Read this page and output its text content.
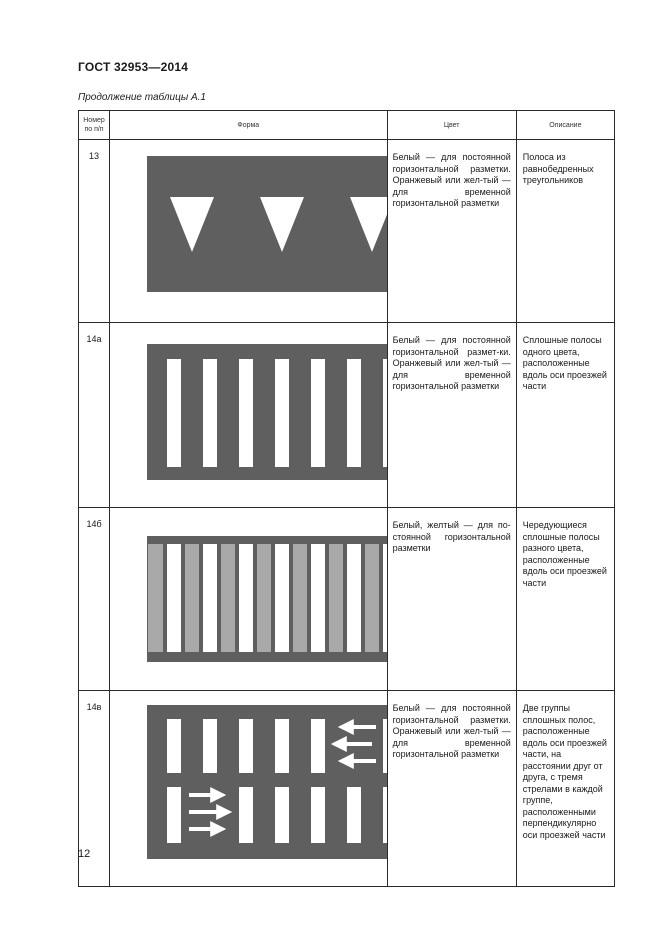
ГОСТ 32953—2014
Продолжение таблицы А.1
Номер по п/п	Форма	Цвет	Описание
13		Белый — для постоянной горизонтальной разметки. Оранжевый или жел-тый — для временной горизонтальной разметки	Полоса из равнобедренных треугольников
14а		Белый — для постоянной горизонтальной размет-ки. Оранжевый или жел-тый — для временной горизонтальной разметки	Сплошные полосы одного цвета, расположенные вдоль оси проезжей части
14б		Белый, желтый — для по-стоянной горизонтальной разметки	Чередующиеся сплошные полосы разного цвета, расположенные вдоль оси проезжей части
14в		Белый — для постоянной горизонтальной разметки. Оранжевый или жел-тый — для временной горизонтальной разметки	Две группы сплошных полос, расположенные вдоль оси проезжей части, на расстоянии друг от друга, с тремя стрелами в каждой группе, расположенными перпендикулярно оси проезжей части
12
